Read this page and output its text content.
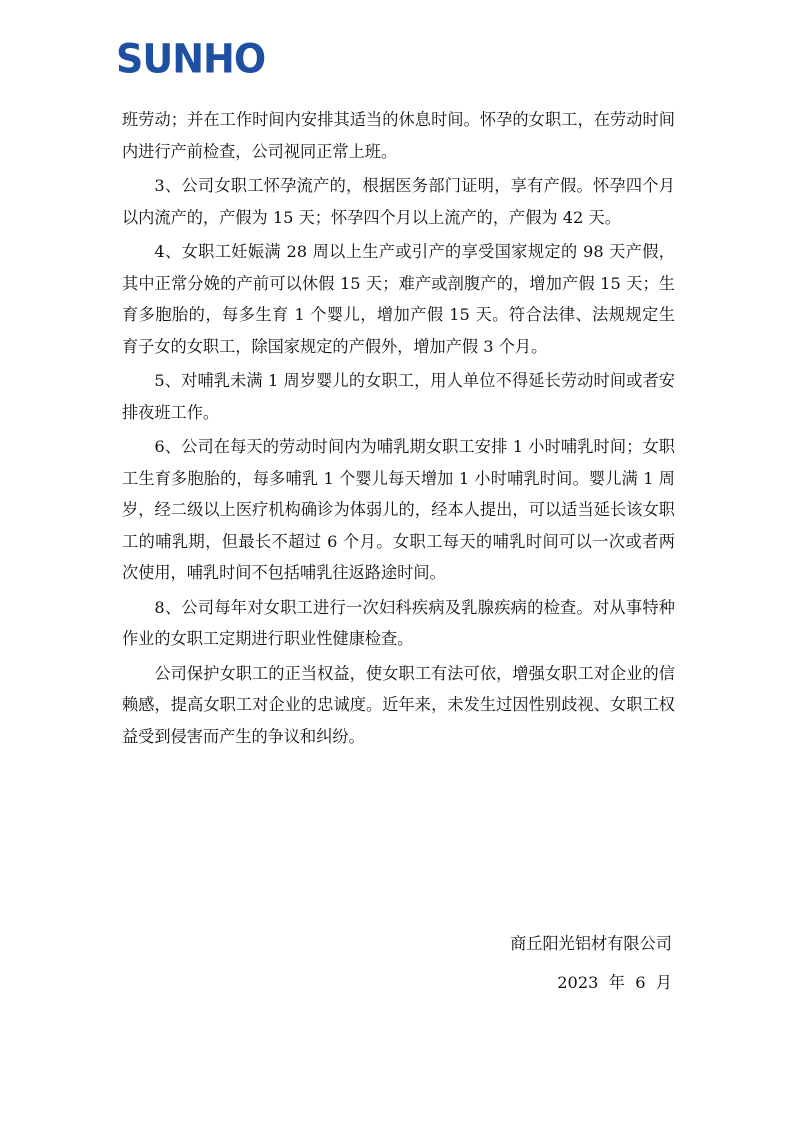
SUNHO

班劳动；并在工作时间内安排其适当的休息时间。怀孕的女职工，在劳动时间内进行产前检查，公司视同正常上班。

3、公司女职工怀孕流产的，根据医务部门证明，享有产假。怀孕四个月以内流产的，产假为 15 天；怀孕四个月以上流产的，产假为 42 天。

4、女职工妊娠满 28 周以上生产或引产的享受国家规定的 98 天产假，其中正常分娩的产前可以休假 15 天；难产或剖腹产的，增加产假 15 天；生育多胞胎的，每多生育 1 个婴儿，增加产假 15 天。符合法律、法规规定生育子女的女职工，除国家规定的产假外，增加产假 3 个月。

5、对哺乳未满 1 周岁婴儿的女职工，用人单位不得延长劳动时间或者安排夜班工作。

6、公司在每天的劳动时间内为哺乳期女职工安排 1 小时哺乳时间；女职工生育多胞胎的，每多哺乳 1 个婴儿每天增加 1 小时哺乳时间。婴儿满 1 周岁，经二级以上医疗机构确诊为体弱儿的，经本人提出，可以适当延长该女职工的哺乳期，但最长不超过 6 个月。女职工每天的哺乳时间可以一次或者两次使用，哺乳时间不包括哺乳往返路途时间。

8、公司每年对女职工进行一次妇科疾病及乳腺疾病的检查。对从事特种作业的女职工定期进行职业性健康检查。

公司保护女职工的正当权益，使女职工有法可依，增强女职工对企业的信赖感，提高女职工对企业的忠诚度。近年来，未发生过因性别歧视、女职工权益受到侵害而产生的争议和纠纷。

商丘阳光铝材有限公司
2023  年  6  月
